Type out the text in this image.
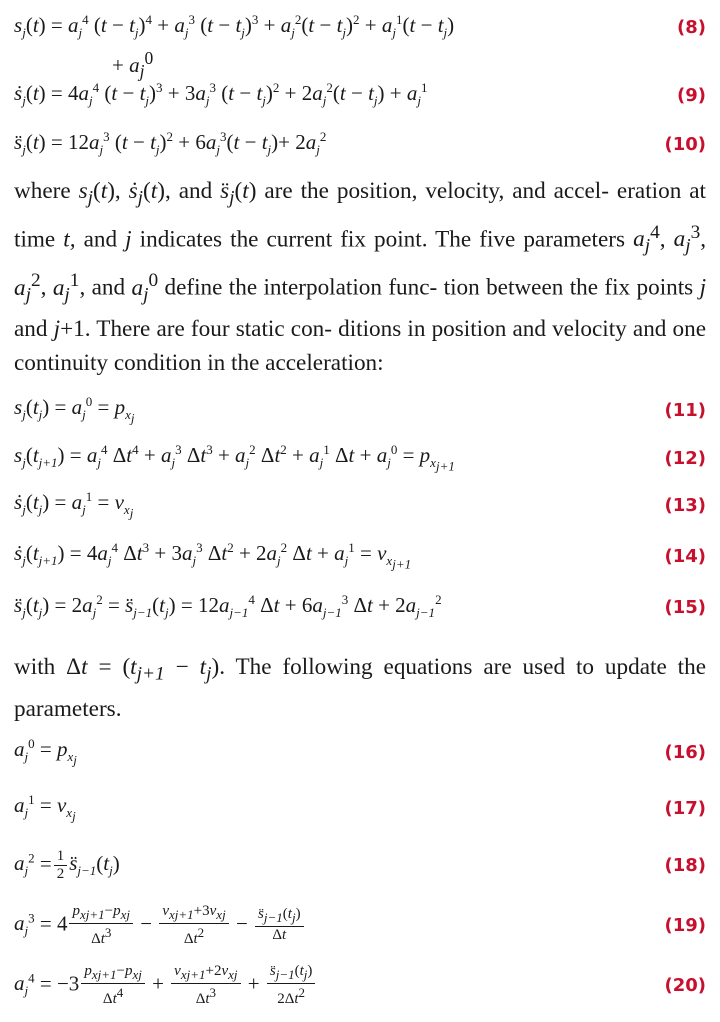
$s_j(t) = a_j^4$ $(t - t_j)^4 + a_j^3$ $(t - t_j)^3 + a_j^2(t - t_j)^2 + a_j^1(t - t_j)$	(8)
+ $a_j^0$
ṡ$_j$(t) = $4a_j^4$ $(t - t_j)^3 + 3a_j^3$ $(t - t_j)^2 + 2a_j^2(t - t_j) + a_j^1$	(9)
$s̈_j(t) = 12a_j^3$ $(t - t_j)^2 + 6a_j^3(t - t_j)+ 2a_j^2$	(10)

where $s_j(t)$, ṡ$_j$(t), and $s̈_j(t)$ are the position, velocity, and accel- eration at time t, and j indicates the current fix point. The five parameters $a_j^4$, $a_j^3$, $a_j^2$, $a_j^1$, and $a_j^0$ define the interpolation func- tion between the fix points j and j+1. There are four static con- ditions in position and velocity and one continuity condition in the acceleration:

$s_j(t_j) = a_j^0 = p_{x_j}$	(11)
$s_j(t_{j+1}) = a_j^4$ $\Delta t^4 + a_j^3$ $\Delta t^3 + a_j^2$ $\Delta t^2 + a_j^1$ $\Delta t + a_j^0 = p_{x_{j+1}}$	(12)
$ṡ_j(t_j) = a_j^1 = v_{x_j}$	(13)
$ṡ_j(t_{j+1}) = 4a_j^4$ $\Delta t^3 + 3a_j^3$ $\Delta t^2 + 2a_j^2$ $\Delta t + a_j^1 = v_{x_{j+1}}$	(14)
$s̈_j(t_j) = 2a_j^2$ = $s̈_{j-1}(t_j) = 12a_{j-1}^4$ $\Delta t + 6a_{j-1}^3$ $\Delta t + 2a_{j-1}^2$	(15)

with $\Delta t = (t_{j+1} - t_j)$. The following equations are used to update the parameters.

$a_j^0 = p_{x_j}$	(16)
$a_j^1 = v_{x_j}$	(17)
$a_j^2 = \frac{1}{2}$ $s̈_{j-1}(t_j)$	(18)
$a_j^3 = 4 \frac{p_{xj+1}-p_{xj}}{\Delta t^3} - \frac{v_{xj+1}+3v_{xj}}{\Delta t^2} - \frac{s̈_{j-1}(t_j)}{\Delta t}$	(19)
$a_j^4 = -3 \frac{p_{xj+1}-p_{xj}}{\Delta t^4} + \frac{v_{xj+1}+2v_{xj}}{\Delta t^3} + \frac{s̈_{j-1}(t_j)}{2\Delta t^2}$	(20)
